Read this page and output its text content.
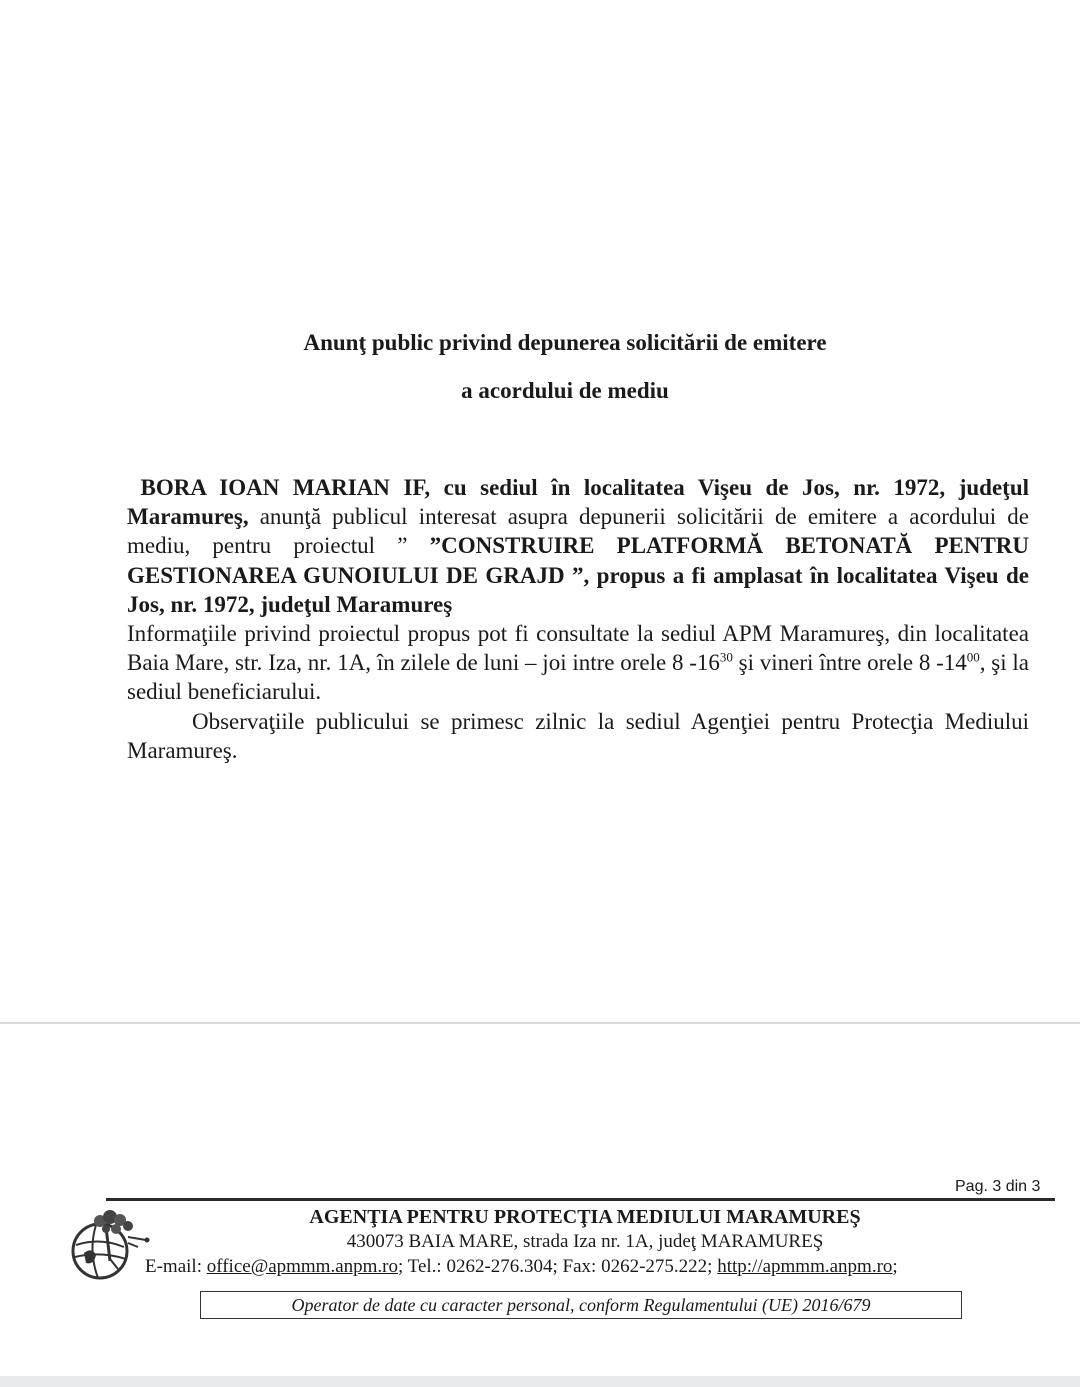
Anunţ public privind depunerea solicitării de emitere
a acordului de mediu

BORA IOAN MARIAN IF, cu sediul în localitatea Vişeu de Jos, nr. 1972, judeţul Maramureş, anunţă publicul interesat asupra depunerii solicitării de emitere a acordului de mediu, pentru proiectul ” ”CONSTRUIRE PLATFORMĂ BETONATĂ PENTRU GESTIONAREA GUNOIULUI DE GRAJD ”, propus a fi amplasat în localitatea Vişeu de Jos, nr. 1972, judeţul Maramureş

Informaţiile privind proiectul propus pot fi consultate la sediul APM Maramureş, din localitatea Baia Mare, str. Iza, nr. 1A, în zilele de luni – joi intre orele 8 $-16^{30}$ şi vineri între orele 8 $-14^{00}$, şi la sediul beneficiarului.

Observaţiile publicului se primesc zilnic la sediul Agenţiei pentru Protecţia Mediului Maramureş.

Pag. 3 din 3
AGENŢIA PENTRU PROTECŢIA MEDIULUI MARAMUREŞ
430073 BAIA MARE, strada Iza nr. 1A, judeţ MARAMUREŞ
E-mail: office@apmmm.anpm.ro; Tel.: 0262-276.304; Fax: 0262-275.222; http://apmmm.anpm.ro;
Operator de date cu caracter personal, conform Regulamentului (UE) 2016/679
